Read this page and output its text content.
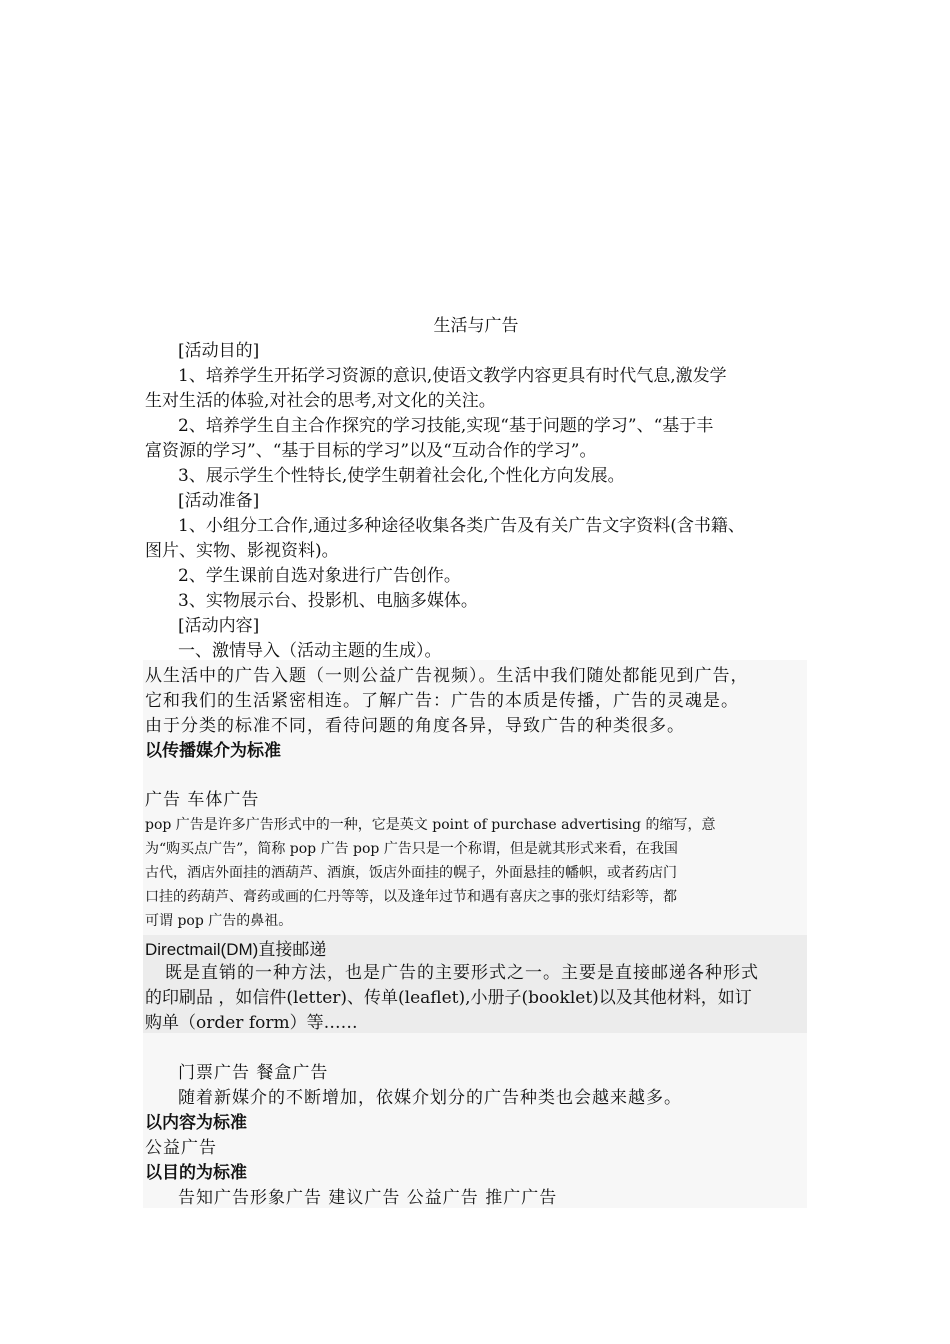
生活与广告
[活动目的]
1、培养学生开拓学习资源的意识,使语文教学内容更具有时代气息,激发学
生对生活的体验,对社会的思考,对文化的关注。
2、培养学生自主合作探究的学习技能,实现“基于问题的学习”、“基于丰
富资源的学习”、“基于目标的学习”以及“互动合作的学习”。
3、展示学生个性特长,使学生朝着社会化,个性化方向发展。
[活动准备]
1、小组分工合作,通过多种途径收集各类广告及有关广告文字资料(含书籍、
图片、实物、影视资料)。
2、学生课前自选对象进行广告创作。
3、实物展示台、投影机、电脑多媒体。
[活动内容]
一、激情导入（活动主题的生成）。
从生活中的广告入题（一则公益广告视频）。生活中我们随处都能见到广告，
它和我们的生活紧密相连。了解广告：广告的本质是传播，广告的灵魂是。
由于分类的标准不同，看待问题的角度各异，导致广告的种类很多。
以传播媒介为标准
广告 车体广告
pop 广告是许多广告形式中的一种，它是英文 point of purchase advertising 的缩写，意
为“购买点广告”，简称 pop 广告 pop 广告只是一个称谓，但是就其形式来看，在我国
古代，酒店外面挂的酒葫芦、酒旗，饭店外面挂的幌子，外面悬挂的幡帜，或者药店门
口挂的药葫芦、膏药或画的仁丹等等，以及逢年过节和遇有喜庆之事的张灯结彩等，都
可谓 pop 广告的鼻祖。
Directmail(DM)直接邮递
既是直销的一种方法，也是广告的主要形式之一。主要是直接邮递各种形式
的印刷品 ，如信件(letter)、传单(leaflet),小册子(booklet)以及其他材料，如订
购单（order form）等……
门票广告 餐盒广告
随着新媒介的不断增加，依媒介划分的广告种类也会越来越多。
以内容为标准
公益广告
以目的为标准
告知广告形象广告 建议广告 公益广告 推广广告
